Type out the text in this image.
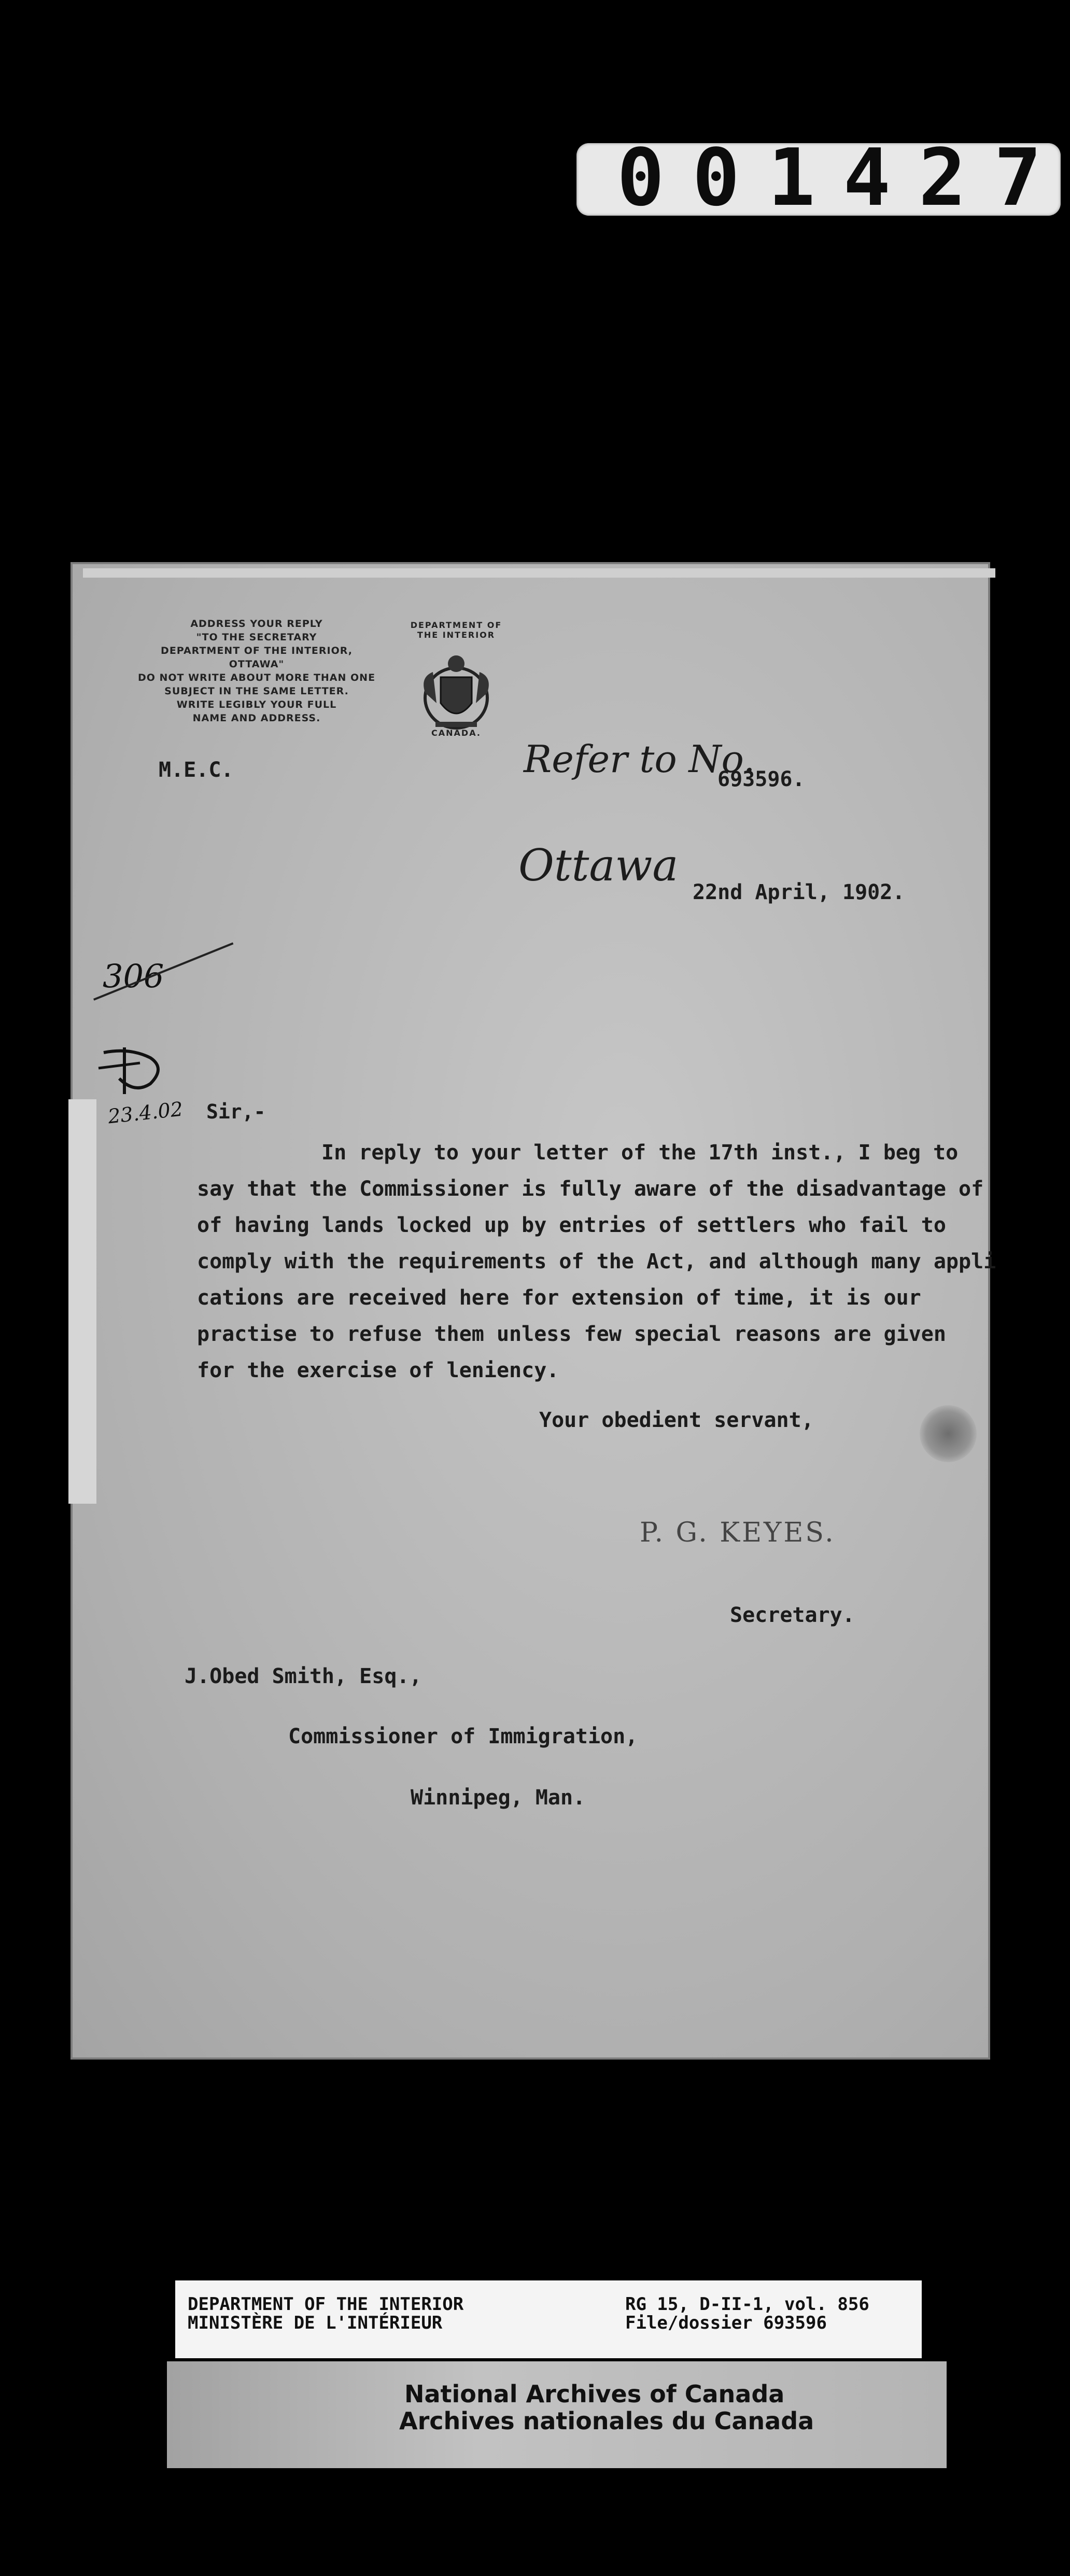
001427
ADDRESS YOUR REPLY
"TO THE SECRETARY
DEPARTMENT OF THE INTERIOR,
OTTAWA"
DO NOT WRITE ABOUT MORE THAN ONE
SUBJECT IN THE SAME LETTER.
WRITE LEGIBLY YOUR FULL
NAME AND ADDRESS.
DEPARTMENT OF THE INTERIOR
CANADA.
M.E.C.	Refer to No.
693596.
Ottawa
22nd April, 1902.
306
23.4.02 Sir,-
In reply to your letter of the 17th inst., I beg to
say that the Commissioner is fully aware of the disadvantage of
of having lands locked up by entries of settlers who fail to
comply with the requirements of the Act, and although many appli
cations are received here for extension of time, it is our
practise to refuse them unless few special reasons are given
for the exercise of leniency.
Your obedient servant,
P. G. KEYES.
Secretary.
J.Obed Smith, Esq.,
Commissioner of Immigration,
Winnipeg, Man.
DEPARTMENT OF THE INTERIOR
MINISTÈRE DE L'INTÉRIEUR
RG 15, D-II-1, vol. 856
File/dossier 693596
National Archives of Canada
Archives nationales du Canada
